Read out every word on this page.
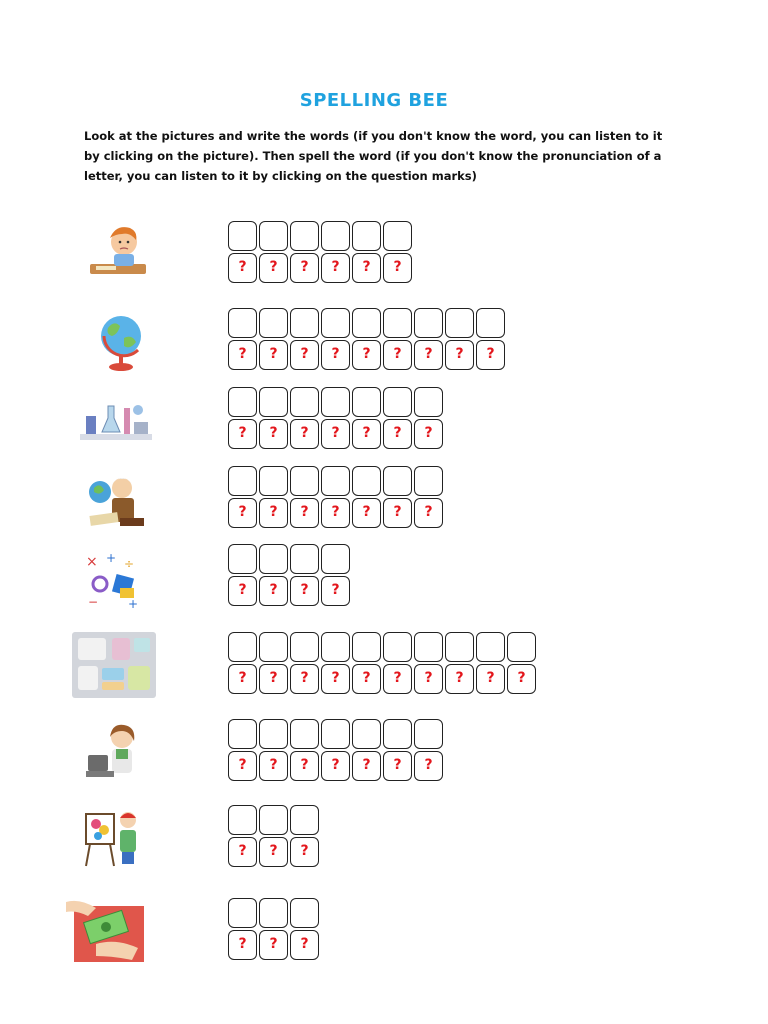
SPELLING BEE
Look at the pictures and write the words (if you don't know the word, you can listen to it by clicking on the picture). Then spell the word (if you don't know the pronunciation of a letter, you can listen to it by clicking on the question marks)
?	?	?	?	?	?
?	?	?	?	?	?	?	?	?
?	?	?	?	?	?	?
?	?	?	?	?	?	?
× + ÷
− +
?	?	?	?
?	?	?	?	?	?	?	?	?	?
?	?	?	?	?	?	?
?	?	?
?	?	?
